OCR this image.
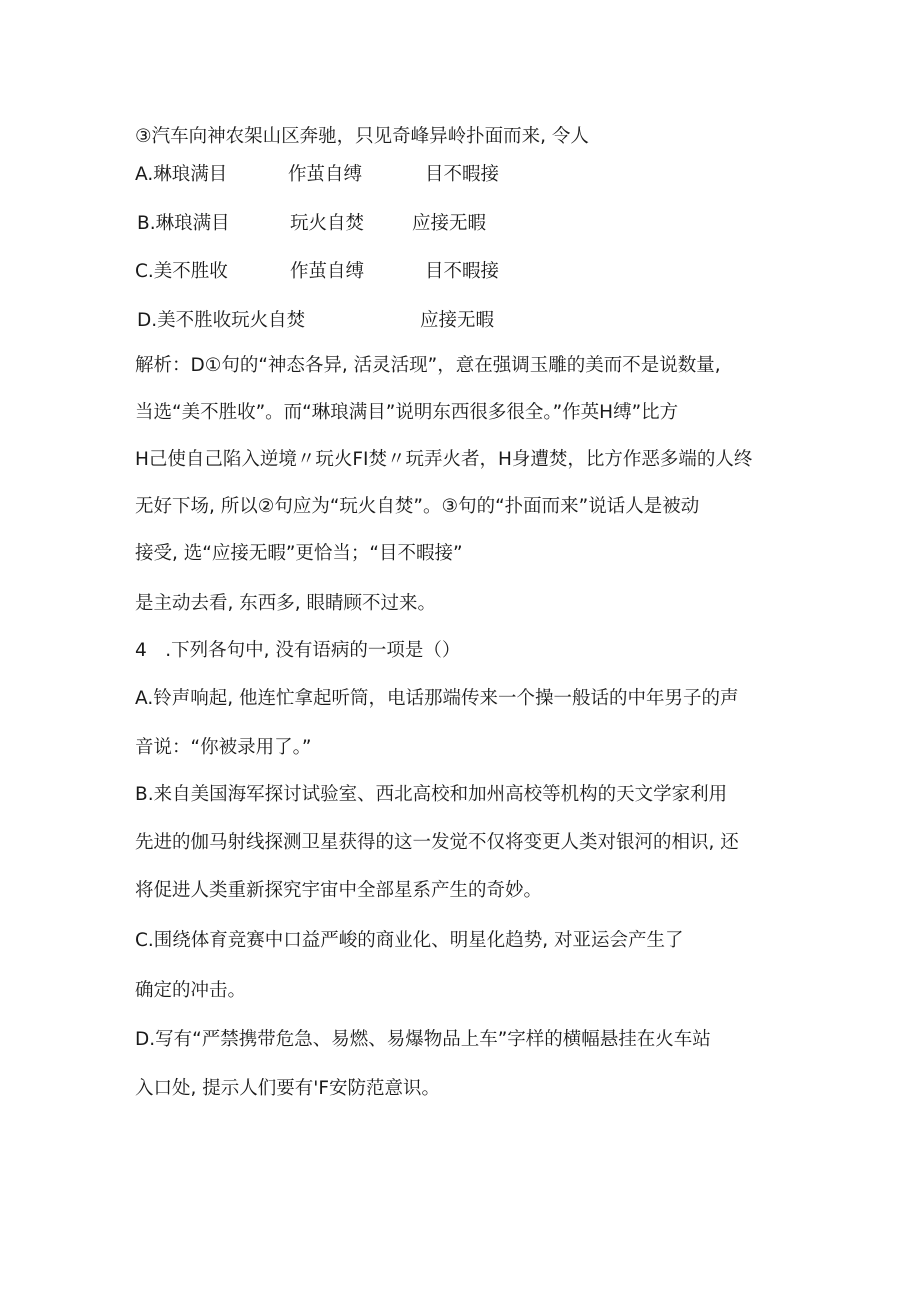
③汽车向神农架山区奔驰，只见奇峰异岭扑面而来, 令人
A.琳琅满目	作茧自缚	目不暇接
B.琳琅满目	玩火自焚	应接无暇
C.美不胜收	作茧自缚	目不暇接
D.美不胜收玩火自焚	应接无暇
解析：D①句的“神态各异, 活灵活现”，意在强调玉雕的美而不是说数量,
当选“美不胜收”。而“琳琅满目”说明东西很多很全。”作英H缚”比方
H己使自己陷入逆境〃玩火FI焚〃玩弄火者，H身遭焚，比方作恶多端的人终
无好下场, 所以②句应为“玩火自焚”。③句的“扑面而来”说话人是被动
接受, 选“应接无暇”更恰当；“目不暇接”
是主动去看, 东西多, 眼睛顾不过来。
4　.下列各句中, 没有语病的一项是（）
A.铃声响起, 他连忙拿起听筒，电话那端传来一个操一般话的中年男子的声
音说：“你被录用了。”
B.来自美国海军探讨试验室、西北高校和加州高校等机构的天文学家利用
先进的伽马射线探测卫星获得的这一发觉不仅将变更人类对银河的相识, 还
将促进人类重新探究宇宙中全部星系产生的奇妙。
C.围绕体育竞赛中口益严峻的商业化、明星化趋势, 对亚运会产生了
确定的冲击。
D.写有“严禁携带危急、易燃、易爆物品上车”字样的横幅悬挂在火车站
入口处, 提示人们要有'F安防范意识。
